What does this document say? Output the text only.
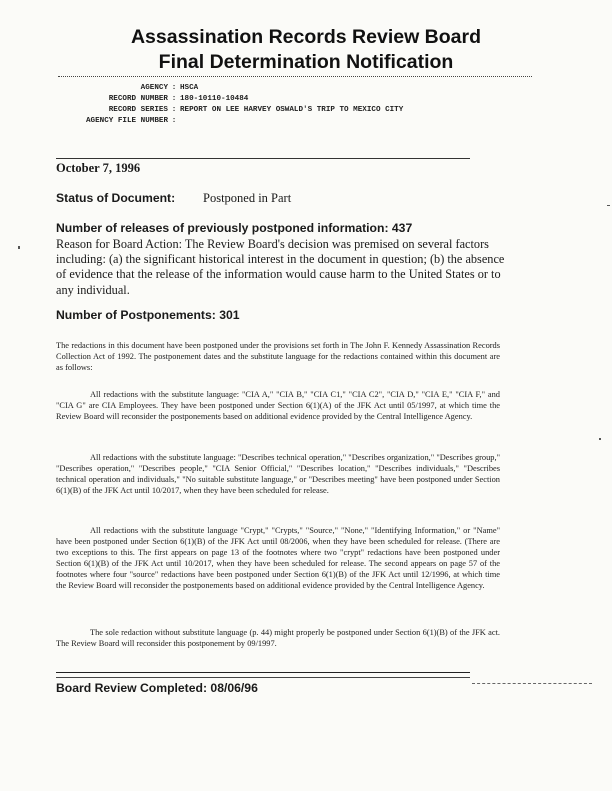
Assassination Records Review Board
Final Determination Notification
AGENCY : HSCA
RECORD NUMBER : 180-10110-10484
RECORD SERIES : REPORT ON LEE HARVEY OSWALD'S TRIP TO MEXICO CITY
AGENCY FILE NUMBER :
October 7, 1996
Status of Document: Postponed in Part
Number of releases of previously postponed information: 437
Reason for Board Action: The Review Board's decision was premised on several factors including: (a) the significant historical interest in the document in question; (b) the absence of evidence that the release of the information would cause harm to the United States or to any individual.
Number of Postponements: 301
The redactions in this document have been postponed under the provisions set forth in The John F. Kennedy Assassination Records Collection Act of 1992. The postponement dates and the substitute language for the redactions contained within this document are as follows:
All redactions with the substitute language: "CIA A," "CIA B," "CIA C1," "CIA C2", "CIA D," "CIA E," "CIA F," and "CIA G" are CIA Employees. They have been postponed under Section 6(1)(A) of the JFK Act until 05/1997, at which time the Review Board will reconsider the postponements based on additional evidence provided by the Central Intelligence Agency.
All redactions with the substitute language: "Describes technical operation," "Describes organization," "Describes group," "Describes operation," "Describes people," "CIA Senior Official," "Describes location," "Describes individuals," "Describes technical operation and individuals," "No suitable substitute language," or "Describes meeting" have been postponed under Section 6(1)(B) of the JFK Act until 10/2017, when they have been scheduled for release.
All redactions with the substitute language "Crypt," "Crypts," "Source," "None," "Identifying Information," or "Name" have been postponed under Section 6(1)(B) of the JFK Act until 08/2006, when they have been scheduled for release. (There are two exceptions to this. The first appears on page 13 of the footnotes where two "crypt" redactions have been postponed under Section 6(1)(B) of the JFK Act until 10/2017, when they have been scheduled for release. The second appears on page 57 of the footnotes where four "source" redactions have been postponed under Section 6(1)(B) of the JFK Act until 12/1996, at which time the Review Board will reconsider the postponements based on additional evidence provided by the Central Intelligence Agency.
The sole redaction without substitute language (p. 44) might properly be postponed under Section 6(1)(B) of the JFK act. The Review Board will reconsider this postponement by 09/1997.
Board Review Completed: 08/06/96
